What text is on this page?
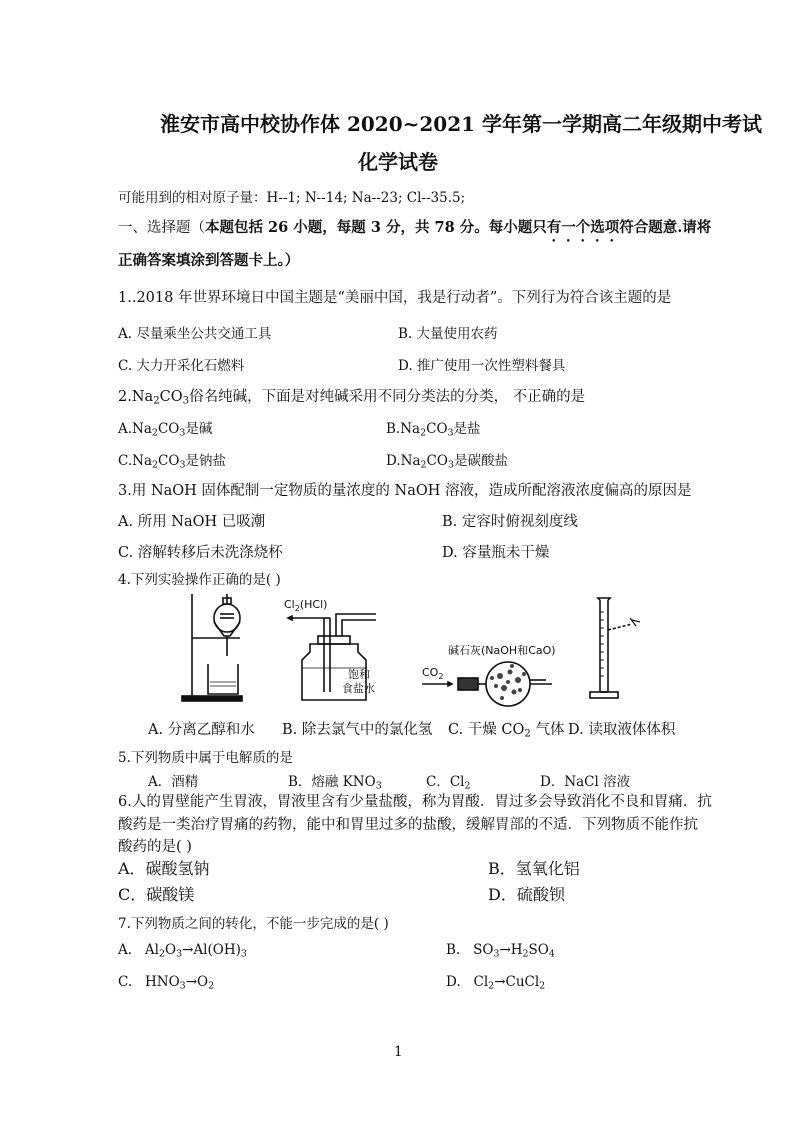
淮安市高中校协作体 2020~2021 学年第一学期高二年级期中考试
化学试卷
可能用到的相对原子量：H--1; N--14; Na--23; Cl--35.5;
一、选择题（本题包括 26 小题，每题 3 分，共 78 分。每小题只有一个选项符合题意.请将
正确答案填涂到答题卡上。）
1..2018 年世界环境日中国主题是“美丽中国，我是行动者”。下列行为符合该主题的是
A. 尽量乘坐公共交通工具	B. 大量使用农药
C. 大力开采化石燃料	D. 推广使用一次性塑料餐具
$2.Na_2CO_3$俗名纯碱，下面是对纯碱采用不同分类法的分类， 不正确的是
$A.Na_2CO_3$是碱	$B.Na_2CO_3$是盐
$C.Na_2CO_3$是钠盐	$D.Na_2CO_3$是碳酸盐
3.用 NaOH 固体配制一定物质的量浓度的 NaOH 溶液，造成所配溶液浓度偏高的原因是
A. 所用 NaOH 已吸潮	B. 定容时俯视刻度线
C. 溶解转移后未洗涤烧杯	D. 容量瓶未干燥
4.下列实验操作正确的是( )
$Cl_2(HCl)$
饱和
食盐水
碱石灰(NaOH和CaO)
$CO_2$
A. 分离乙醇和水 B. 除去氯气中的氯化氢 C. 干燥 $CO_2$ 气体 D. 读取液体体积
5.下列物质中属于电解质的是
A．酒精	B．熔融 $KNO_3$	C．$Cl_2$	D．NaCl 溶液
6.人的胃壁能产生胃液，胃液里含有少量盐酸，称为胃酸．胃过多会导致消化不良和胃痛．抗
酸药是一类治疗胃痛的药物，能中和胃里过多的盐酸，缓解胃部的不适．下列物质不能作抗
酸药的是( )
A．碳酸氢钠	B．氢氧化铝
C．碳酸镁	D．硫酸钡
7.下列物质之间的转化，不能一步完成的是( )
A. $Al_2O_3\to Al(OH)_3$	B. $SO_3\to H_2SO_4$
C. $HNO_3\to O_2$	D. $Cl_2\to CuCl_2$
1
